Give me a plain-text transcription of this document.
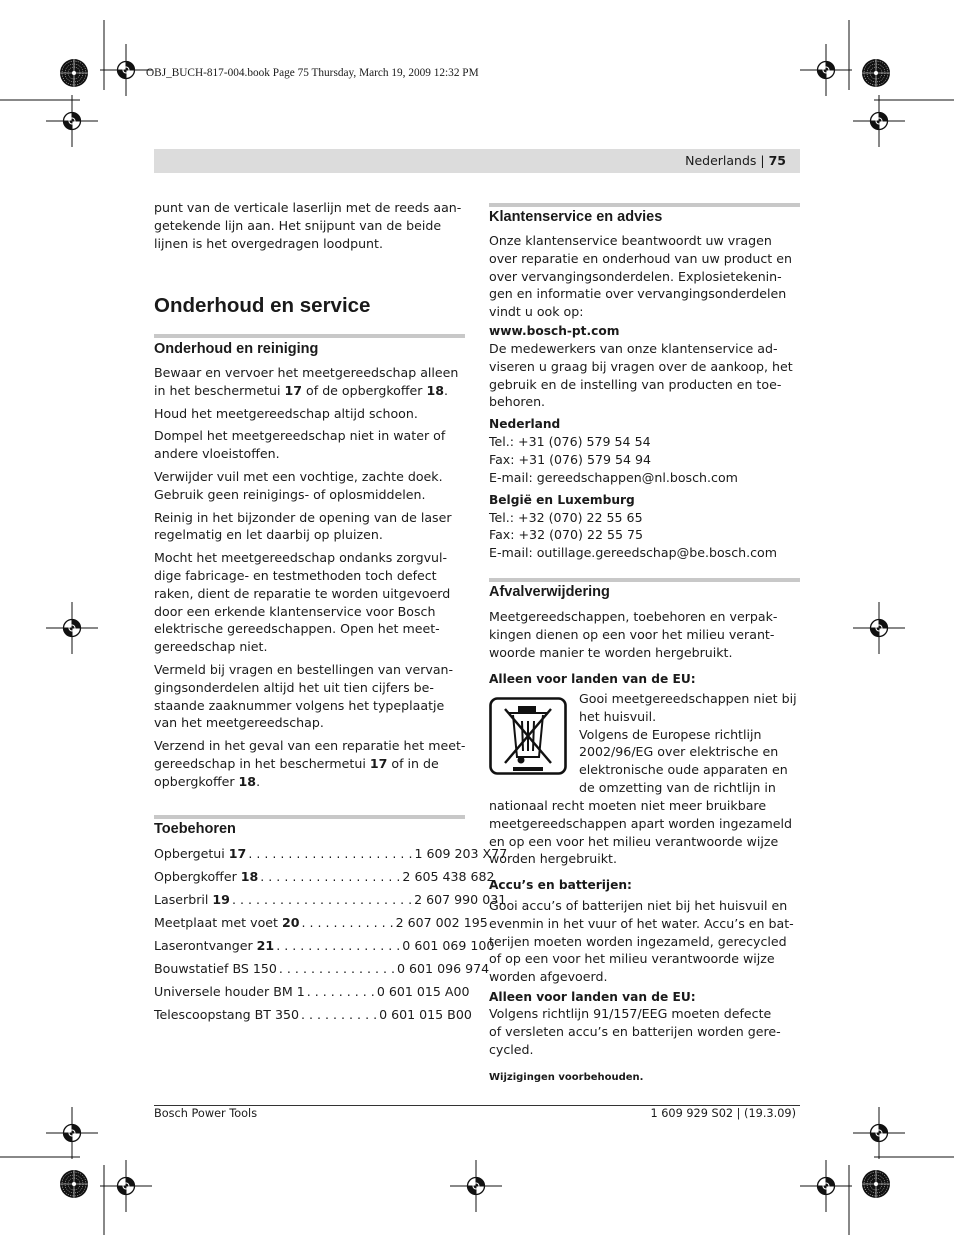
OBJ_BUCH-817-004.book Page 75 Thursday, March 19, 2009 12:32 PM
Nederlands | 75

punt van de verticale laserlijn met de reeds aan-
getekende lijn aan. Het snijpunt van de beide
lijnen is het overgedragen loodpunt.

Onderhoud en service
Onderhoud en reiniging

Bewaar en vervoer het meetgereedschap alleen
in het beschermetui 17 of de opbergkoffer 18.

Houd het meetgereedschap altijd schoon.

Dompel het meetgereedschap niet in water of
andere vloeistoffen.

Verwijder vuil met een vochtige, zachte doek.
Gebruik geen reinigings- of oplosmiddelen.

Reinig in het bijzonder de opening van de laser
regelmatig en let daarbij op pluizen.

Mocht het meetgereedschap ondanks zorgvul-
dige fabricage- en testmethoden toch defect
raken, dient de reparatie te worden uitgevoerd
door een erkende klantenservice voor Bosch
elektrische gereedschappen. Open het meet-
gereedschap niet.

Vermeld bij vragen en bestellingen van vervan-
gingsonderdelen altijd het uit tien cijfers be-
staande zaaknummer volgens het typeplaatje
van het meetgereedschap.

Verzend in het geval van een reparatie het meet-
gereedschap in het beschermetui 17 of in de
opbergkoffer 18.

Toebehoren
Opbergetui 17 . . . . . . . . . . . . . . . . . . . . . 1 609 203 X77
Opbergkoffer 18 . . . . . . . . . . . . . . . . . . 2 605 438 682
Laserbril 19 . . . . . . . . . . . . . . . . . . . . . . . 2 607 990 031
Meetplaat met voet 20 . . . . . . . . . . . . 2 607 002 195
Laserontvanger 21 . . . . . . . . . . . . . . . . 0 601 069 100
Bouwstatief BS 150 . . . . . . . . . . . . . . . 0 601 096 974
Universele houder BM 1 . . . . . . . . . 0 601 015 A00
Telescoopstang BT 350 . . . . . . . . . . 0 601 015 B00
Klantenservice en advies

Onze klantenservice beantwoordt uw vragen
over reparatie en onderhoud van uw product en
over vervangingsonderdelen. Explosietekenin-
gen en informatie over vervangingsonderdelen
vindt u ook op:

www.bosch-pt.com

De medewerkers van onze klantenservice ad-
viseren u graag bij vragen over de aankoop, het
gebruik en de instelling van producten en toe-
behoren.

Nederland

Tel.: +31 (076) 579 54 54
Fax: +31 (076) 579 54 94
E-mail: gereedschappen@nl.bosch.com

België en Luxemburg

Tel.: +32 (070) 22 55 65
Fax: +32 (070) 22 55 75
E-mail: outillage.gereedschap@be.bosch.com

Afvalverwijdering

Meetgereedschappen, toebehoren en verpak-
kingen dienen op een voor het milieu verant-
woorde manier te worden hergebruikt.

Alleen voor landen van de EU:

Gooi meetgereedschappen niet bij
het huisvuil.
Volgens de Europese richtlijn
2002/96/EG over elektrische en
elektronische oude apparaten en
de omzetting van de richtlijn in

nationaal recht moeten niet meer bruikbare
meetgereedschappen apart worden ingezameld
en op een voor het milieu verantwoorde wijze
worden hergebruikt.

Accu’s en batterijen:

Gooi accu’s of batterijen niet bij het huisvuil en
evenmin in het vuur of het water. Accu’s en bat-
terijen moeten worden ingezameld, gerecycled
of op een voor het milieu verantwoorde wijze
worden afgevoerd.

Alleen voor landen van de EU:

Volgens richtlijn 91/157/EEG moeten defecte
of versleten accu’s en batterijen worden gere-
cycled.

Wijzigingen voorbehouden.

Bosch Power Tools	1 609 929 S02 | (19.3.09)
